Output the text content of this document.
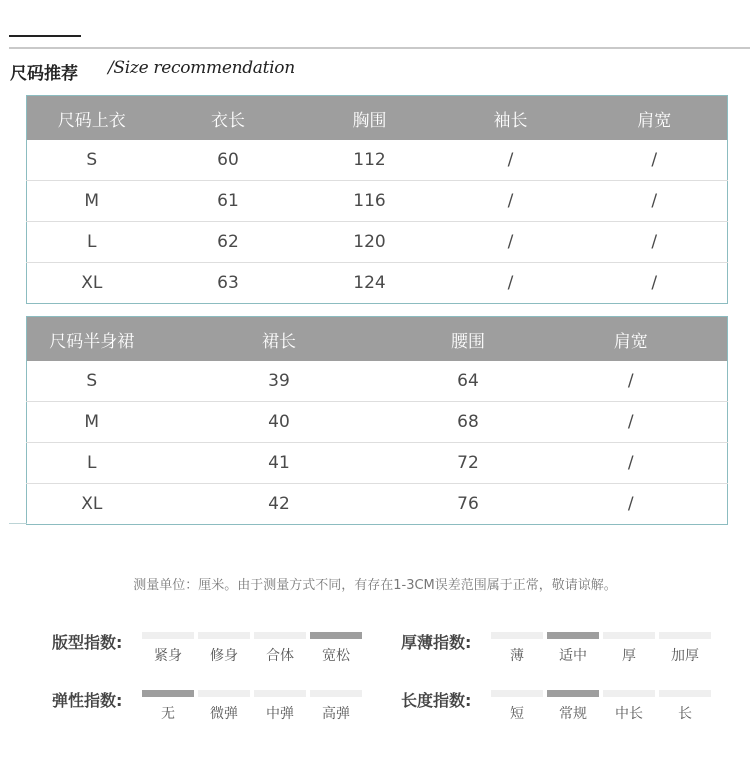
尺码推荐 /Size recommendation
尺码上衣	衣长	胸围	袖长	肩宽
S	60	112	/	/
M	61	116	/	/
L	62	120	/	/
XL	63	124	/	/
尺码半身裙	裙长	腰围	肩宽
S	39	64	/
M	40	68	/
L	41	72	/
XL	42	76	/
测量单位：厘米。由于测量方式不同，有存在1-3CM误差范围属于正常，敬请谅解。
版型指数:
紧身	修身	合体	宽松
厚薄指数:
薄	适中	厚	加厚
弹性指数:
无	微弹	中弹	高弹
长度指数:
短	常规	中长	长
